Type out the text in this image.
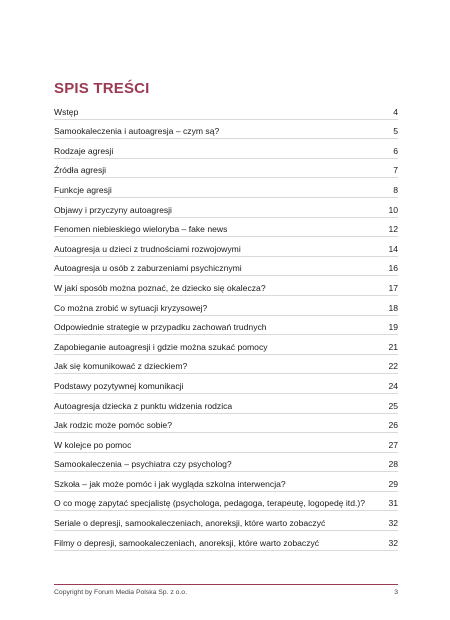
SPIS TREŚCI
Wstęp	4
Samookaleczenia i autoagresja – czym są?	5
Rodzaje agresji	6
Źródła agresji	7
Funkcje agresji	8
Objawy i przyczyny autoagresji	10
Fenomen niebieskiego wieloryba – fake news	12
Autoagresja u dzieci z trudnościami rozwojowymi	14
Autoagresja u osób z zaburzeniami psychicznymi	16
W jaki sposób można poznać, że dziecko się okalecza?	17
Co można zrobić w sytuacji kryzysowej?	18
Odpowiednie strategie w przypadku zachowań trudnych	19
Zapobieganie autoagresji i gdzie można szukać pomocy	21
Jak się komunikować z dzieckiem?	22
Podstawy pozytywnej komunikacji	24
Autoagresja dziecka z punktu widzenia rodzica	25
Jak rodzic może pomóc sobie?	26
W kolejce po pomoc	27
Samookaleczenia – psychiatra czy psycholog?	28
Szkoła – jak może pomóc i jak wygląda szkolna interwencja?	29
O co mogę zapytać specjalistę (psychologa, pedagoga, terapeutę, logopedę itd.)?	31
Seriale o depresji, samookaleczeniach, anoreksji, które warto zobaczyć	32
Filmy o depresji, samookaleczeniach, anoreksji, które warto zobaczyć	32
Copyright by Forum Media Polska Sp. z o.o.	3
